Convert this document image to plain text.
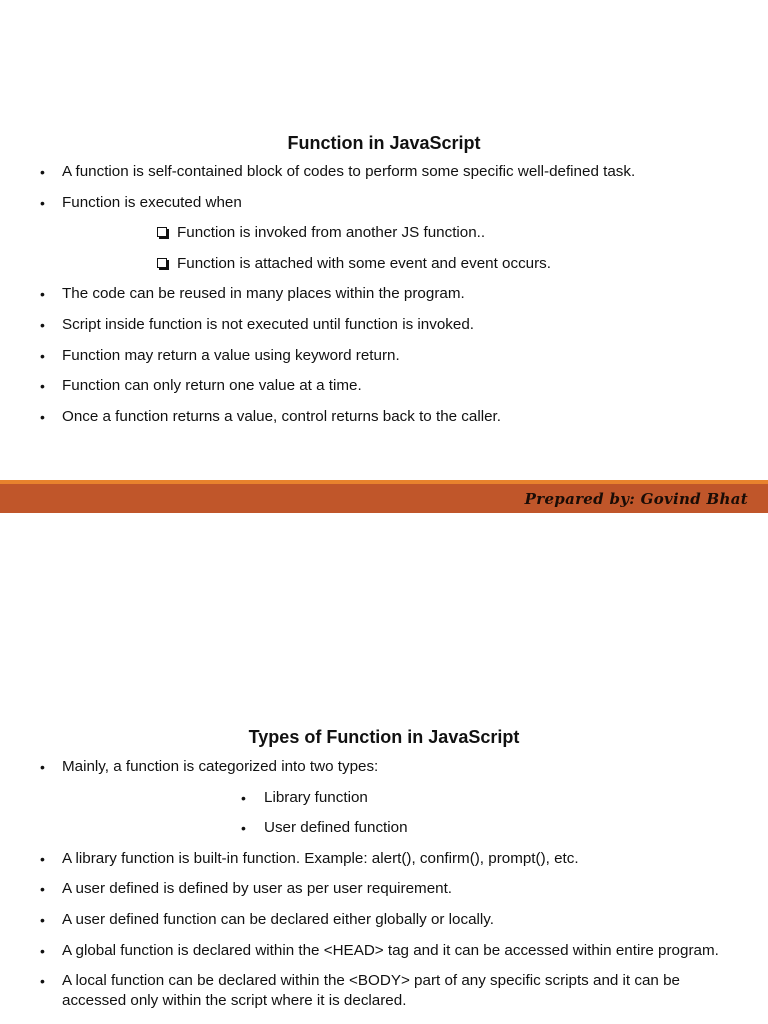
Function in JavaScript
• A function is self-contained block of codes to perform some specific well-defined task.
• Function is executed when
Function is invoked from another JS function..
Function is attached with some event and event occurs.
• The code can be reused in many places within the program.
• Script inside function is not executed until function is invoked.
• Function may return a value using keyword return.
• Function can only return one value at a time.
• Once a function returns a value, control returns back to the caller.
Prepared by: Govind Bhat
Types of Function in JavaScript
• Mainly, a function is categorized into two types:
• Library function
• User defined function
• A library function is built-in function. Example: alert(), confirm(), prompt(), etc.
• A user defined is defined by user as per user requirement.
• A user defined function can be declared either globally or locally.
• A global function is declared within the <HEAD> tag and it can be accessed within entire program.
• A local function can be declared within the <BODY> part of any specific scripts and it can be accessed only within the script where it is declared.
